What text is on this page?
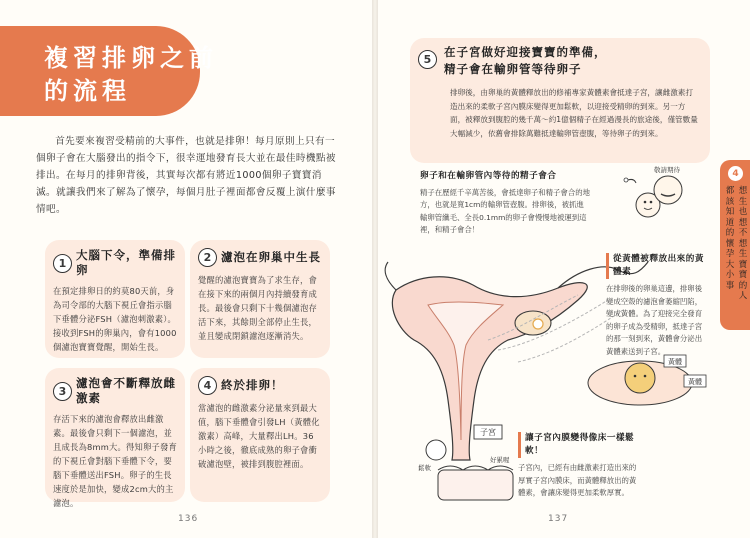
複習排卵之前
的流程

首先要來複習受精前的大事件，也就是排卵！每月原則上只有一個卵子會在大腦發出的指令下，很幸運地發育長大並在最佳時機點被排出。在每月的排卵背後，其實每次都有將近1000個卵子寶寶消滅。就讓我們來了解為了懷孕，每個月肚子裡面都會反覆上演什麼事情吧。

1
大腦下令，準備排卵
在預定排卵日的約莫80天前，身為司令部的大腦下視丘會指示腦下垂體分泌FSH（濾泡刺激素）。接收到FSH的卵巢內，會有1000個濾泡寶寶覺醒，開始生長。
2 濾泡在卵巢中生長
覺醒的濾泡寶寶為了求生存，會在接下來的兩個月內持續發育成長。最後會只剩下十幾個濾泡存活下來，其餘則全部停止生長，並且變成閉鎖濾泡逐漸消失。
3
濾泡會不斷釋放雌激素
存活下來的濾泡會釋放出雌激素。最後會只剩下一個濾泡，並且成長為8mm大。得知卵子發育的下視丘會對腦下垂體下令，要腦下垂體送出FSH。卵子的生長速度於是加快，變成2cm大的主濾泡。
4 終於排卵！
當濾泡的雌激素分泌量來到最大值，腦下垂體會引發LH（黃體化激素）高峰，大量釋出LH。36小時之後，徹底成熟的卵子會衝破濾泡壁，被排到腹腔裡面。
136
敬請期待
黃體
黃體
子宮
鬆軟
好累喔
5
在子宮做好迎接寶寶的準備，
精子會在輸卵管等待卵子
排卵後，由卵巢的黃體釋放出的修補專家黃體素會抵達子宮，讓雌激素打造出來的柔軟子宮內膜床變得更加鬆軟，以迎接受精卵的到來。另一方面，被釋放到腹腔的幾千萬～約1億個精子在經過漫長的旅途後，僅管數量大幅減少，依舊會排除萬難抵達輸卵管壺腹，等待卵子的到來。
卵子和在輸卵管內等待的精子會合
精子在歷經千辛萬苦後，會抵達卵子和精子會合的地方，也就是寬1cm的輸卵管壺腹。排卵後，被抓進輸卵管纖毛、全長0.1mm的卵子會慢慢地被運到這裡，和精子會合！
從黃體被釋放出來的黃體素
在排卵後的卵巢這邊，排卵後變成空殼的濾泡會萎縮凹陷，變成黃體。為了迎接完全發育的卵子成為受精卵，抵達子宮的那一刻到來，黃體會分泌出黃體素送到子宮。
讓子宮內膜變得像床一樣鬆軟！
子宮內，已經有由雌激素打造出來的厚實子宮內膜床，而黃體釋放出的黃體素，會讓床變得更加柔軟厚實。
4
想生也想不想生寶寶的人
都該知道的懷孕大小事
137
